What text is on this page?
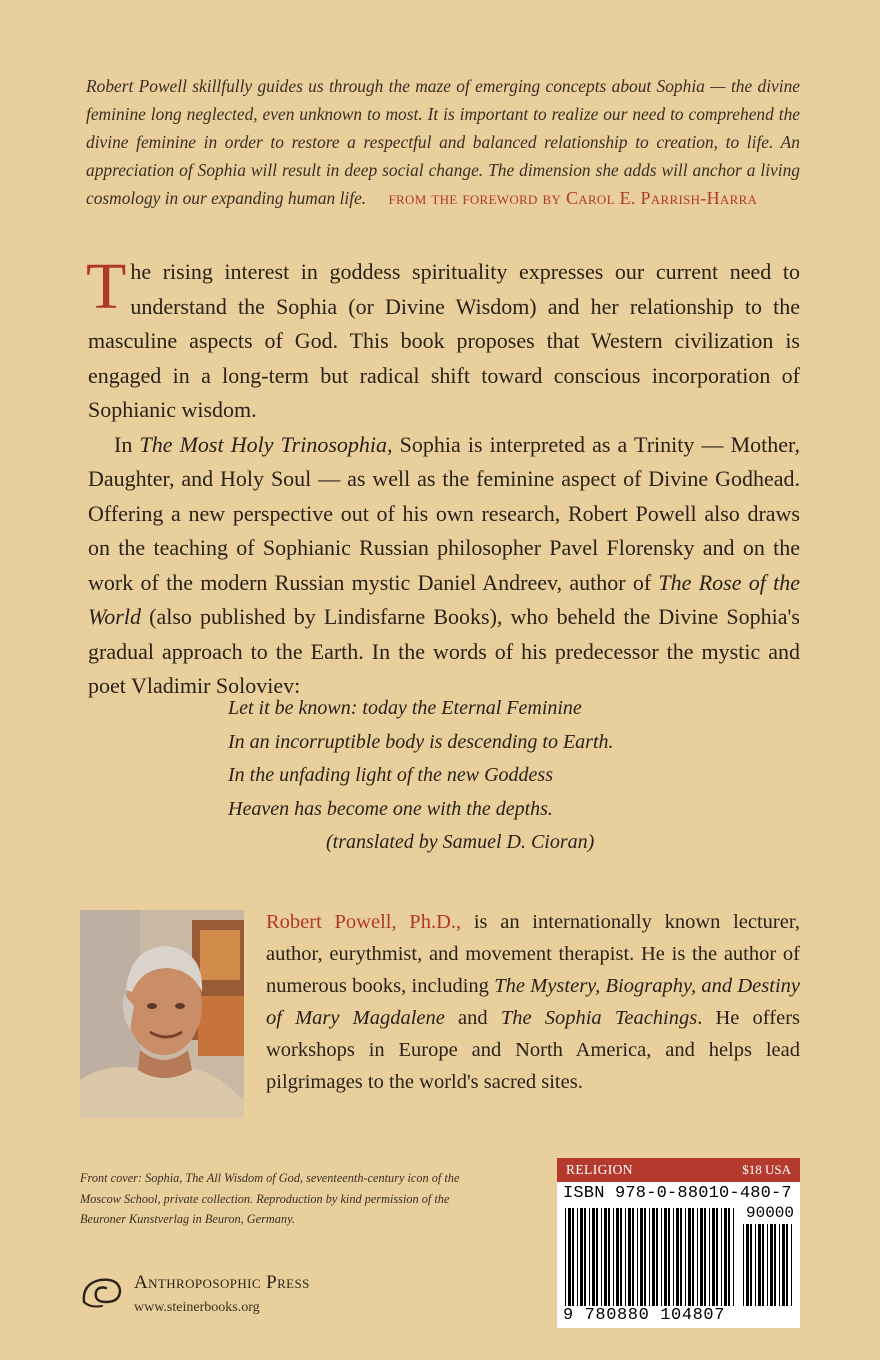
Robert Powell skillfully guides us through the maze of emerging concepts about Sophia — the divine feminine long neglected, even unknown to most. It is important to realize our need to comprehend the divine feminine in order to restore a respectful and balanced relationship to creation, to life. An appreciation of Sophia will result in deep social change. The dimension she adds will anchor a living cosmology in our expanding human life. from the foreword by Carol E. Parrish-Harra

The rising interest in goddess spirituality expresses our current need to understand the Sophia (or Divine Wisdom) and her relationship to the masculine aspects of God. This book proposes that Western civilization is engaged in a long-term but radical shift toward conscious incorporation of Sophianic wisdom.

In The Most Holy Trinosophia, Sophia is interpreted as a Trinity — Mother, Daughter, and Holy Soul — as well as the feminine aspect of Divine Godhead. Offering a new perspective out of his own research, Robert Powell also draws on the teaching of Sophianic Russian philosopher Pavel Florensky and on the work of the modern Russian mystic Daniel Andreev, author of The Rose of the World (also published by Lindisfarne Books), who beheld the Divine Sophia's gradual approach to the Earth. In the words of his predecessor the mystic and poet Vladimir Soloviev:

Let it be known: today the Eternal Feminine
In an incorruptible body is descending to Earth.
In the unfading light of the new Goddess
Heaven has become one with the depths.
(translated by Samuel D. Cioran)
Robert Powell, Ph.D., is an internationally known lecturer, author, eurythmist, and movement therapist. He is the author of numerous books, including The Mystery, Biography, and Destiny of Mary Magdalene and The Sophia Teachings. He offers workshops in Europe and North America, and helps lead pilgrimages to the world's sacred sites.
Front cover: Sophia, The All Wisdom of God, seventeenth-century icon of the Moscow School, private collection. Reproduction by kind permission of the Beuroner Kunstverlag in Beuron, Germany.
Anthroposophic Press
www.steinerbooks.org
RELIGION	$18 USA
ISBN 978-0-88010-480-7
90000
9 780880 104807
